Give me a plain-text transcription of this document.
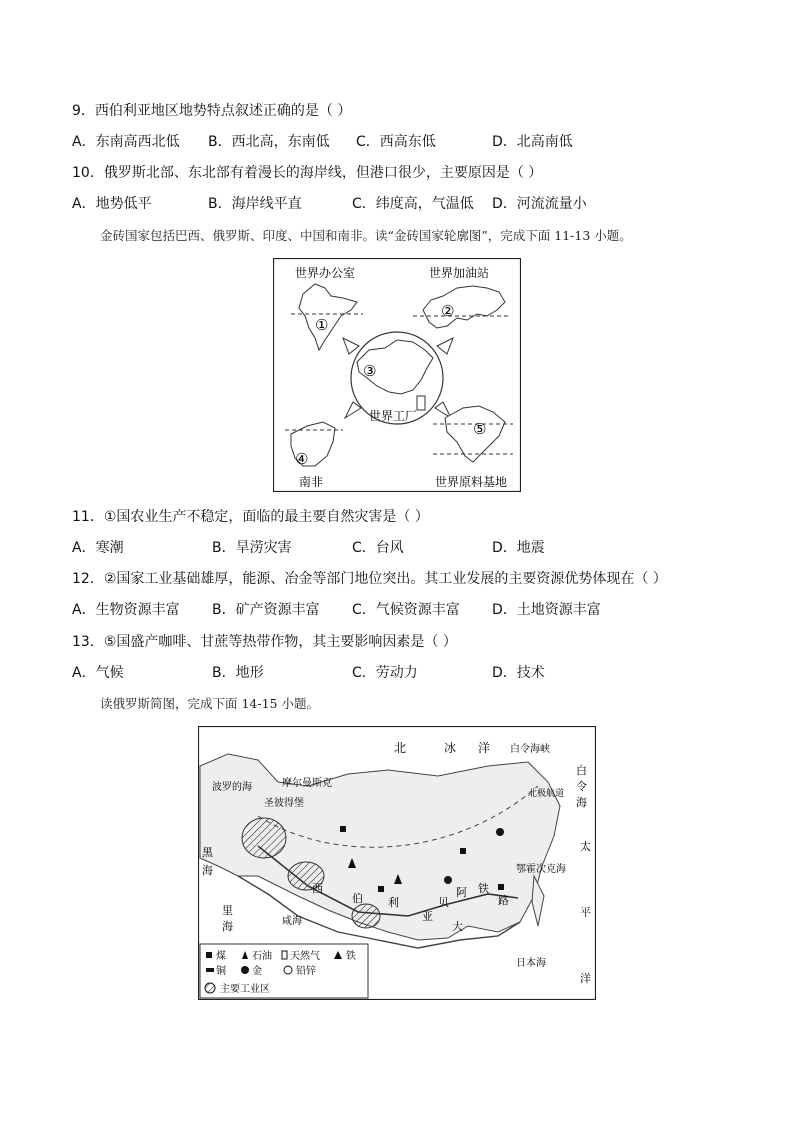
9．西伯利亚地区地势特点叙述正确的是（ ）
A．东南高西北低 B．西北高，东南低 C．西高东低	D．北高南低
10．俄罗斯北部、东北部有着漫长的海岸线，但港口很少，主要原因是（ ）
A．地势低平	B．海岸线平直	C．纬度高，气温低 D．河流流量小
金砖国家包括巴西、俄罗斯、印度、中国和南非。读“金砖国家轮廓图”，完成下面 11-13 小题。
世界办公室	世界加油站
世界工厂
南非	世界原料基地
①
②
③
④
⑤
11．①国农业生产不稳定，面临的最主要自然灾害是（ ）
A．寒潮	B．旱涝灾害	C．台风	D．地震
12．②国家工业基础雄厚，能源、冶金等部门地位突出。其工业发展的主要资源优势体现在（ ）
A．生物资源丰富 B．矿产资源丰富 C．气候资源丰富 D．土地资源丰富
13．⑤国盛产咖啡、甘蔗等热带作物，其主要影响因素是（ ）
A．气候	B．地形	C．劳动力	D．技术
读俄罗斯简图，完成下面 14-15 小题。
北	冰 洋 白令海峡
白
令
海
太
平
洋
波罗的海	摩尔曼斯克
圣彼得堡
北极航道
黑
海
里
海	咸海
西
伯 利
亚
贝
阿 铁
路
大
鄂霍次克海
日本海
煤	石油 天然气	铁
铜	金	铅锌
主要工业区
